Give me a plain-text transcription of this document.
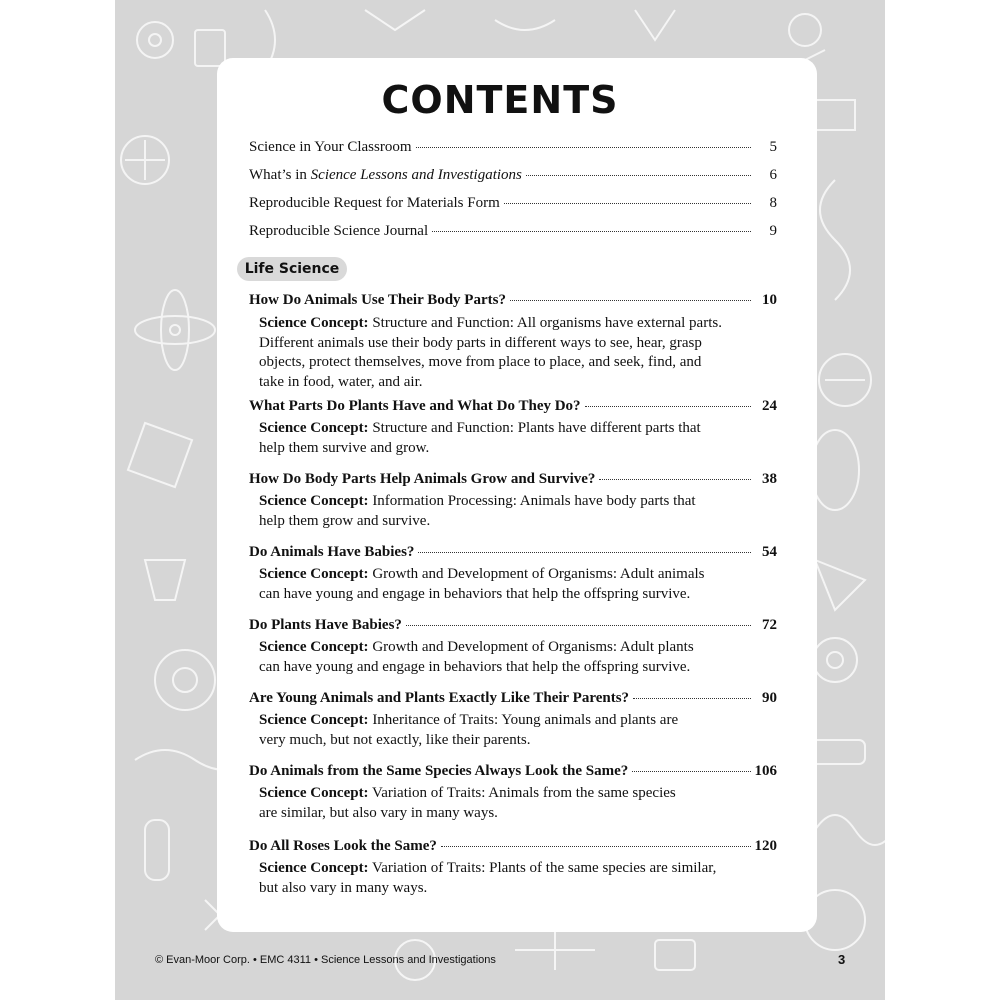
CONTENTS
Science in Your Classroom	5
What’s in Science Lessons and Investigations	6
Reproducible Request for Materials Form	8
Reproducible Science Journal	9
Life Science
How Do Animals Use Their Body Parts?	10
Science Concept: Structure and Function: All organisms have external parts.
Different animals use their body parts in different ways to see, hear, grasp
objects, protect themselves, move from place to place, and seek, find, and
take in food, water, and air.
What Parts Do Plants Have and What Do They Do?	24
Science Concept: Structure and Function: Plants have different parts that
help them survive and grow.
How Do Body Parts Help Animals Grow and Survive?	38
Science Concept: Information Processing: Animals have body parts that
help them grow and survive.
Do Animals Have Babies?	54
Science Concept: Growth and Development of Organisms: Adult animals
can have young and engage in behaviors that help the offspring survive.
Do Plants Have Babies?	72
Science Concept: Growth and Development of Organisms: Adult plants
can have young and engage in behaviors that help the offspring survive.
Are Young Animals and Plants Exactly Like Their Parents?	90
Science Concept: Inheritance of Traits: Young animals and plants are
very much, but not exactly, like their parents.
Do Animals from the Same Species Always Look the Same?	106
Science Concept: Variation of Traits: Animals from the same species
are similar, but also vary in many ways.
Do All Roses Look the Same?	120
Science Concept: Variation of Traits: Plants of the same species are similar,
but also vary in many ways.
© Evan-Moor Corp. • EMC 4311 • Science Lessons and Investigations	3
